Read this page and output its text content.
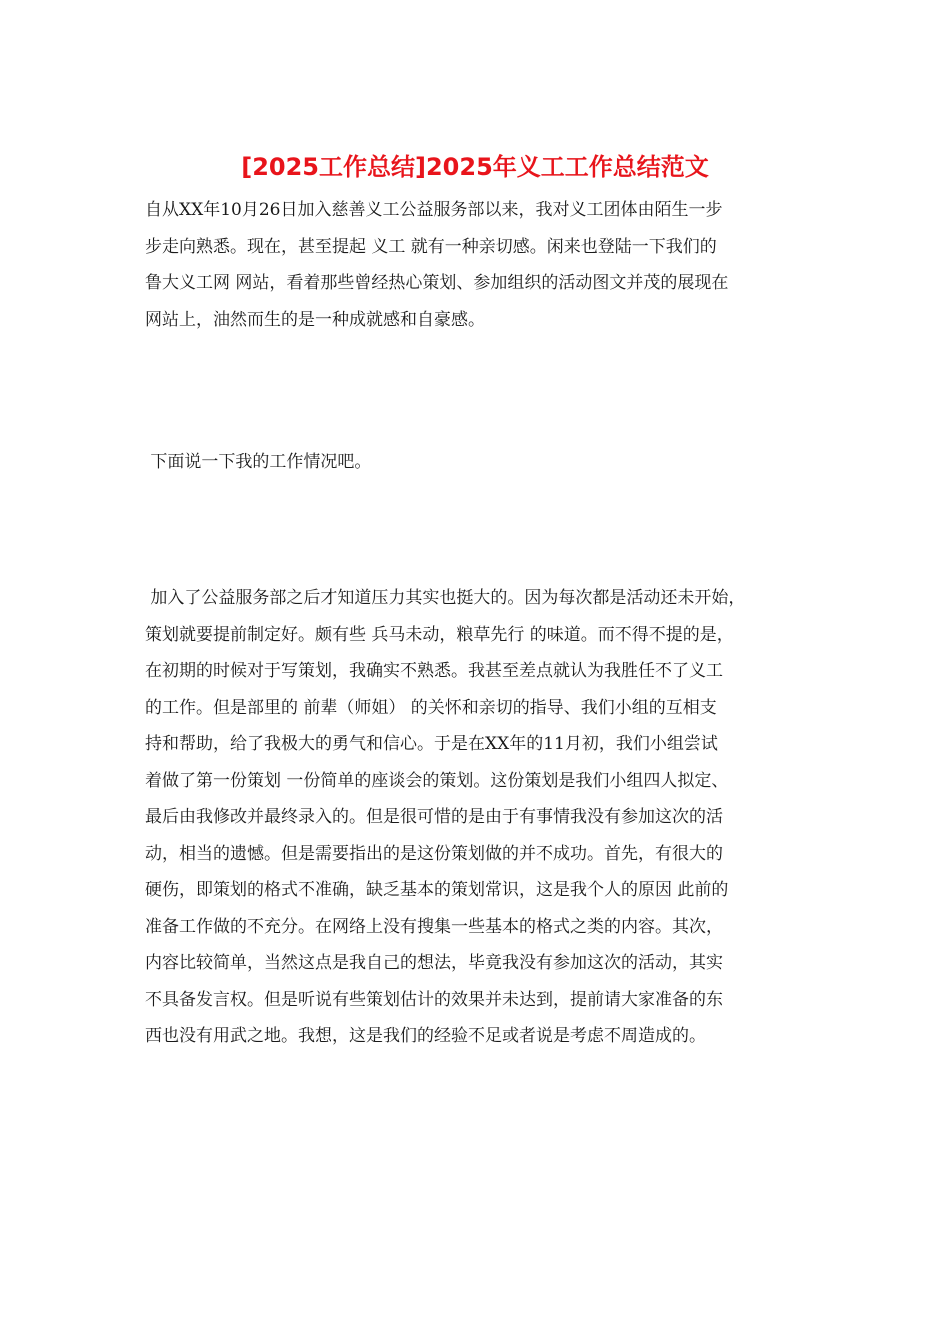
[2025工作总结]2025年义工工作总结范文
自从XX年10月26日加入慈善义工公益服务部以来，我对义工团体由陌生一步
步走向熟悉。现在，甚至提起 义工 就有一种亲切感。闲来也登陆一下我们的
鲁大义工网 网站，看着那些曾经热心策划、参加组织的活动图文并茂的展现在
网站上，油然而生的是一种成就感和自豪感。
下面说一下我的工作情况吧。
加入了公益服务部之后才知道压力其实也挺大的。因为每次都是活动还未开始，
策划就要提前制定好。颇有些 兵马未动，粮草先行 的味道。而不得不提的是，
在初期的时候对于写策划，我确实不熟悉。我甚至差点就认为我胜任不了义工
的工作。但是部里的 前辈（师姐） 的关怀和亲切的指导、我们小组的互相支
持和帮助，给了我极大的勇气和信心。于是在XX年的11月初，我们小组尝试
着做了第一份策划 一份简单的座谈会的策划。这份策划是我们小组四人拟定、
最后由我修改并最终录入的。但是很可惜的是由于有事情我没有参加这次的活
动，相当的遗憾。但是需要指出的是这份策划做的并不成功。首先，有很大的
硬伤，即策划的格式不准确，缺乏基本的策划常识，这是我个人的原因 此前的
准备工作做的不充分。在网络上没有搜集一些基本的格式之类的内容。其次，
内容比较简单，当然这点是我自己的想法，毕竟我没有参加这次的活动，其实
不具备发言权。但是听说有些策划估计的效果并未达到，提前请大家准备的东
西也没有用武之地。我想，这是我们的经验不足或者说是考虑不周造成的。
